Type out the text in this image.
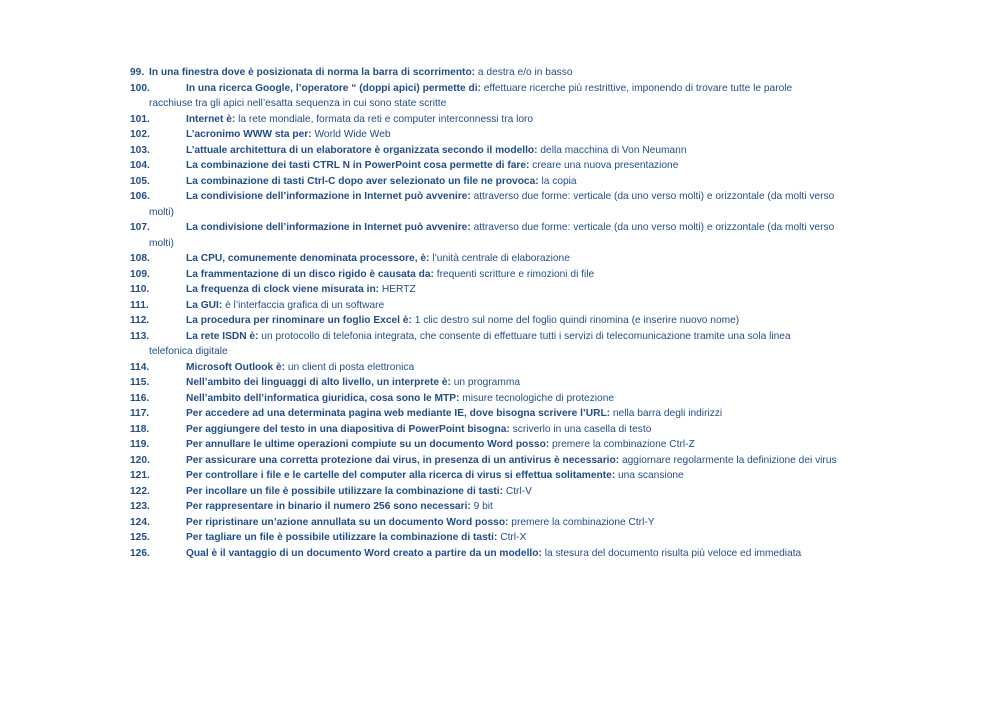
99. In una finestra dove è posizionata di norma la barra di scorrimento: a destra e/o in basso
100.	In una ricerca Google, l’operatore “ (doppi apici) permette di: effettuare ricerche più restrittive, imponendo di trovare tutte le parole
racchiuse tra gli apici nell’esatta sequenza in cui sono state scritte
101.	Internet è: la rete mondiale, formata da reti e computer interconnessi tra loro
102.	L’acronimo WWW sta per: World Wide Web
103.	L’attuale architettura di un elaboratore è organizzata secondo il modello: della macchina di Von Neumann
104.	La combinazione dei tasti CTRL N in PowerPoint cosa permette di fare: creare una nuova presentazione
105.	La combinazione di tasti Ctrl-C dopo aver selezionato un file ne provoca: la copia
106.	La condivisione dell’informazione in Internet può avvenire: attraverso due forme: verticale (da uno verso molti) e orizzontale (da molti verso
molti)
107.	La condivisione dell’informazione in Internet può avvenire: attraverso due forme: verticale (da uno verso molti) e orizzontale (da molti verso
molti)
108.	La CPU, comunemente denominata processore, è: l’unità centrale di elaborazione
109.	La frammentazione di un disco rigido è causata da: frequenti scritture e rimozioni di file
110.	La frequenza di clock viene misurata in: HERTZ
111.	La GUI: è l’interfaccia grafica di un software
112.	La procedura per rinominare un foglio Excel è: 1 clic destro sul nome del foglio quindi rinomina (e inserire nuovo nome)
113.	La rete ISDN è: un protocollo di telefonia integrata, che consente di effettuare tutti i servizi di telecomunicazione tramite una sola linea
telefonica digitale
114.	Microsoft Outlook è: un client di posta elettronica
115.	Nell’ambito dei linguaggi di alto livello, un interprete è: un programma
116.	Nell’ambito dell’informatica giuridica, cosa sono le MTP: misure tecnologiche di protezione
117.	Per accedere ad una determinata pagina web mediante IE, dove bisogna scrivere l’URL: nella barra degli indirizzi
118.	Per aggiungere del testo in una diapositiva di PowerPoint bisogna: scriverlo in una casella di testo
119.	Per annullare le ultime operazioni compiute su un documento Word posso: premere la combinazione Ctrl-Z
120.	Per assicurare una corretta protezione dai virus, in presenza di un antivirus è necessario: aggiornare regolarmente la definizione dei virus
121.	Per controllare i file e le cartelle del computer alla ricerca di virus si effettua solitamente: una scansione
122.	Per incollare un file è possibile utilizzare la combinazione di tasti: Ctrl-V
123.	Per rappresentare in binario il numero 256 sono necessari: 9 bit
124.	Per ripristinare un’azione annullata su un documento Word posso: premere la combinazione Ctrl-Y
125.	Per tagliare un file è possibile utilizzare la combinazione di tasti: Ctrl-X
126.	Qual è il vantaggio di un documento Word creato a partire da un modello: la stesura del documento risulta più veloce ed immediata
